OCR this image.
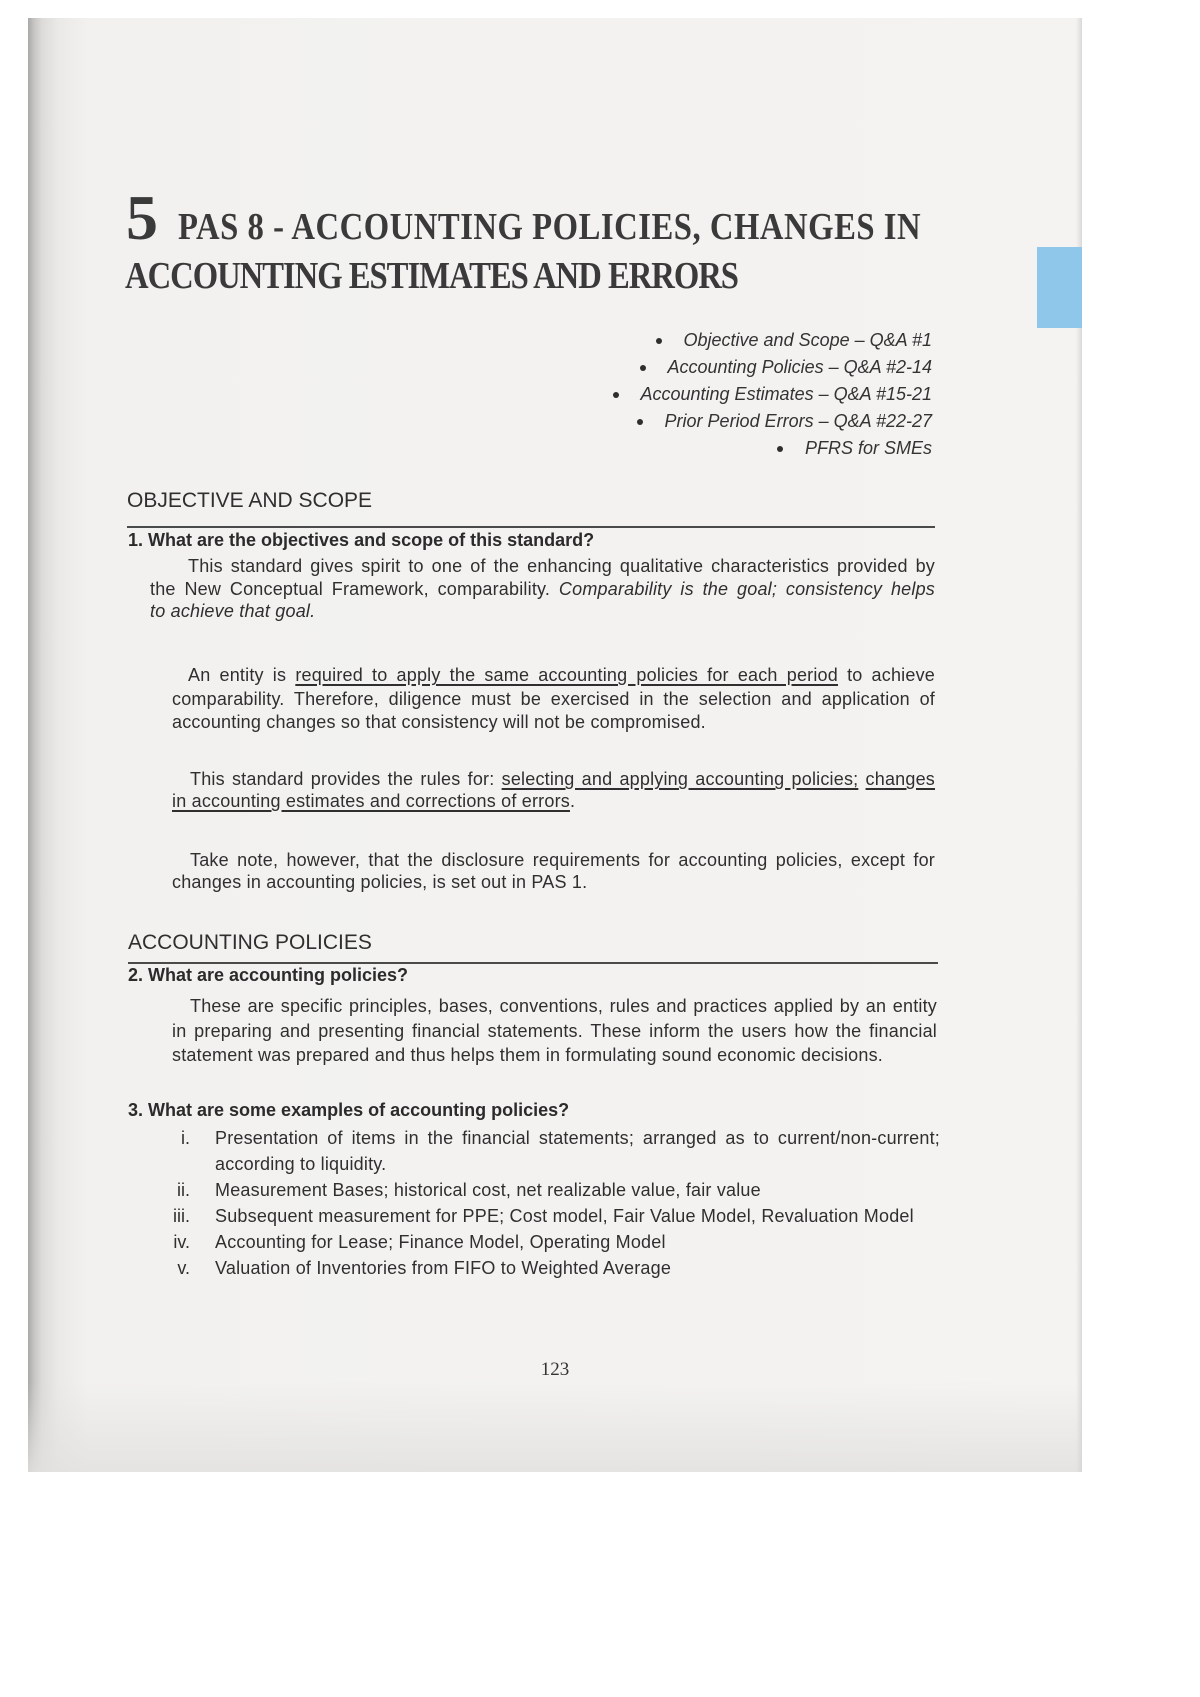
5 PAS 8 - ACCOUNTING POLICIES, CHANGES IN
ACCOUNTING ESTIMATES AND ERRORS
Objective and Scope – Q&A #1
Accounting Policies – Q&A #2-14
Accounting Estimates – Q&A #15-21
Prior Period Errors – Q&A #22-27
PFRS for SMEs
OBJECTIVE AND SCOPE
1. What are the objectives and scope of this standard?
This standard gives spirit to one of the enhancing qualitative characteristics provided by
the New Conceptual Framework, comparability. Comparability is the goal; consistency helps
to achieve that goal.
An entity is required to apply the same accounting policies for each period to achieve
comparability. Therefore, diligence must be exercised in the selection and application of
accounting changes so that consistency will not be compromised.
This standard provides the rules for: selecting and applying accounting policies; changes
in accounting estimates and corrections of errors.
Take note, however, that the disclosure requirements for accounting policies, except for
changes in accounting policies, is set out in PAS 1.
ACCOUNTING POLICIES
2. What are accounting policies?
These are specific principles, bases, conventions, rules and practices applied by an entity
in preparing and presenting financial statements. These inform the users how the financial
statement was prepared and thus helps them in formulating sound economic decisions.
3. What are some examples of accounting policies?
i. Presentation of items in the financial statements; arranged as to current/non-current;
according to liquidity.
ii. Measurement Bases; historical cost, net realizable value, fair value
iii. Subsequent measurement for PPE; Cost model, Fair Value Model, Revaluation Model
iv. Accounting for Lease; Finance Model, Operating Model
v. Valuation of Inventories from FIFO to Weighted Average
123
